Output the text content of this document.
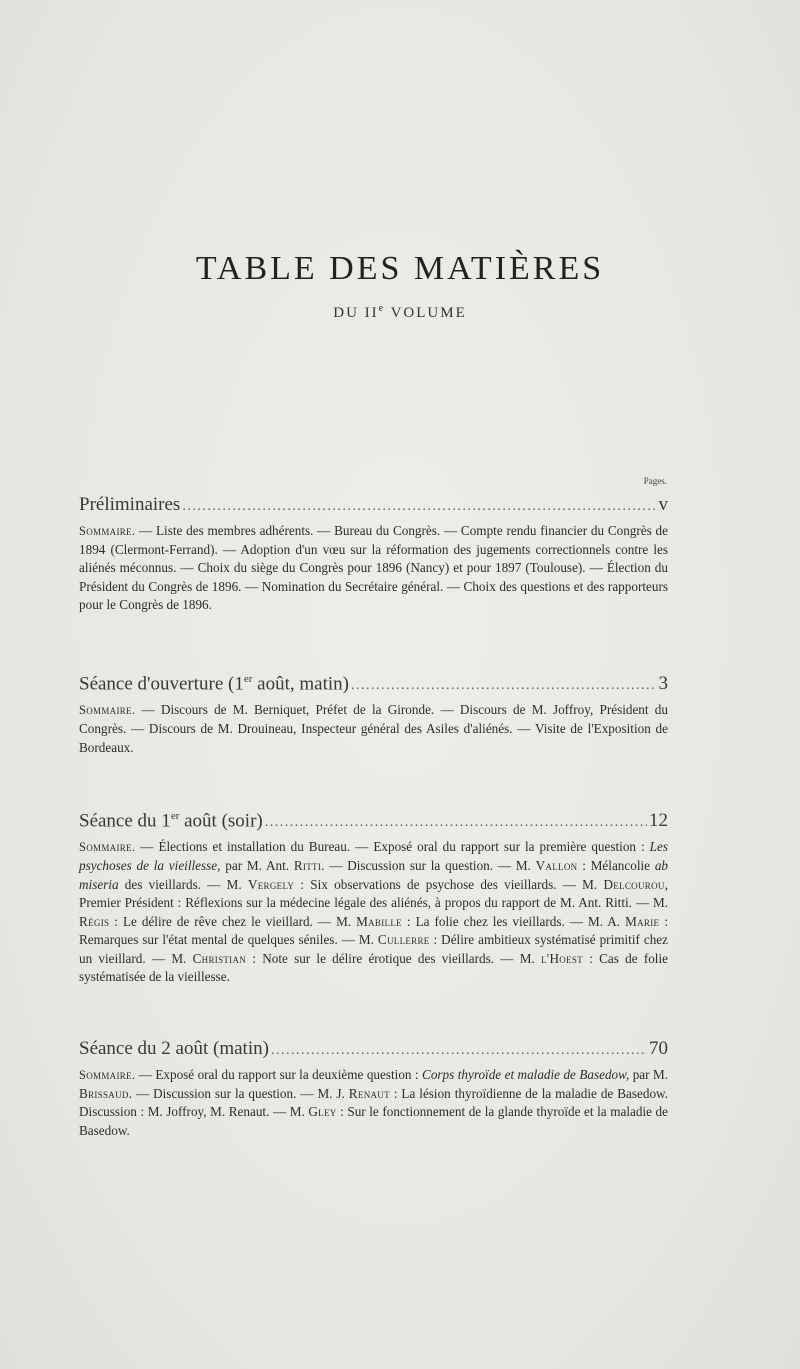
TABLE DES MATIÈRES
DU IIe VOLUME
Pages.
Préliminaires .....	v
Sommaire. — Liste des membres adhérents. — Bureau du Congrès. — Compte rendu financier du Congrès de 1894 (Clermont-Ferrand). — Adoption d'un vœu sur la réformation des jugements correctionnels contre les aliénés méconnus. — Choix du siège du Congrès pour 1896 (Nancy) et pour 1897 (Toulouse). — Élection du Président du Congrès de 1896. — Nomination du Secrétaire général. — Choix des questions et des rapporteurs pour le Congrès de 1896.
Séance d'ouverture (1er août, matin) .....	3
Sommaire. — Discours de M. Berniquet, Préfet de la Gironde. — Discours de M. Joffroy, Président du Congrès. — Discours de M. Drouineau, Inspecteur général des Asiles d'aliénés. — Visite de l'Exposition de Bordeaux.
Séance du 1er août (soir) .....	12
Sommaire. — Élections et installation du Bureau. — Exposé oral du rapport sur la première question : Les psychoses de la vieillesse, par M. Ant. Ritti. — Discussion sur la question. — M. Vallon : Mélancolie ab miseria des vieillards. — M. Vergely : Six observations de psychose des vieillards. — M. Delcourou, Premier Président : Réflexions sur la médecine légale des aliénés, à propos du rapport de M. Ant. Ritti. — M. Régis : Le délire de rêve chez le vieillard. — M. Mabille : La folie chez les vieillards. — M. A. Marie : Remarques sur l'état mental de quelques séniles. — M. Cullerre : Délire ambitieux systématisé primitif chez un vieillard. — M. Christian : Note sur le délire érotique des vieillards. — M. l'Hoest : Cas de folie systématisée de la vieillesse.
Séance du 2 août (matin) .....	70
Sommaire. — Exposé oral du rapport sur la deuxième question : Corps thyroïde et maladie de Basedow, par M. Brissaud. — Discussion sur la question. — M. J. Renaut : La lésion thyroïdienne de la maladie de Basedow. Discussion : M. Joffroy, M. Renaut. — M. Gley : Sur le fonctionnement de la glande thyroïde et la maladie de Basedow.
